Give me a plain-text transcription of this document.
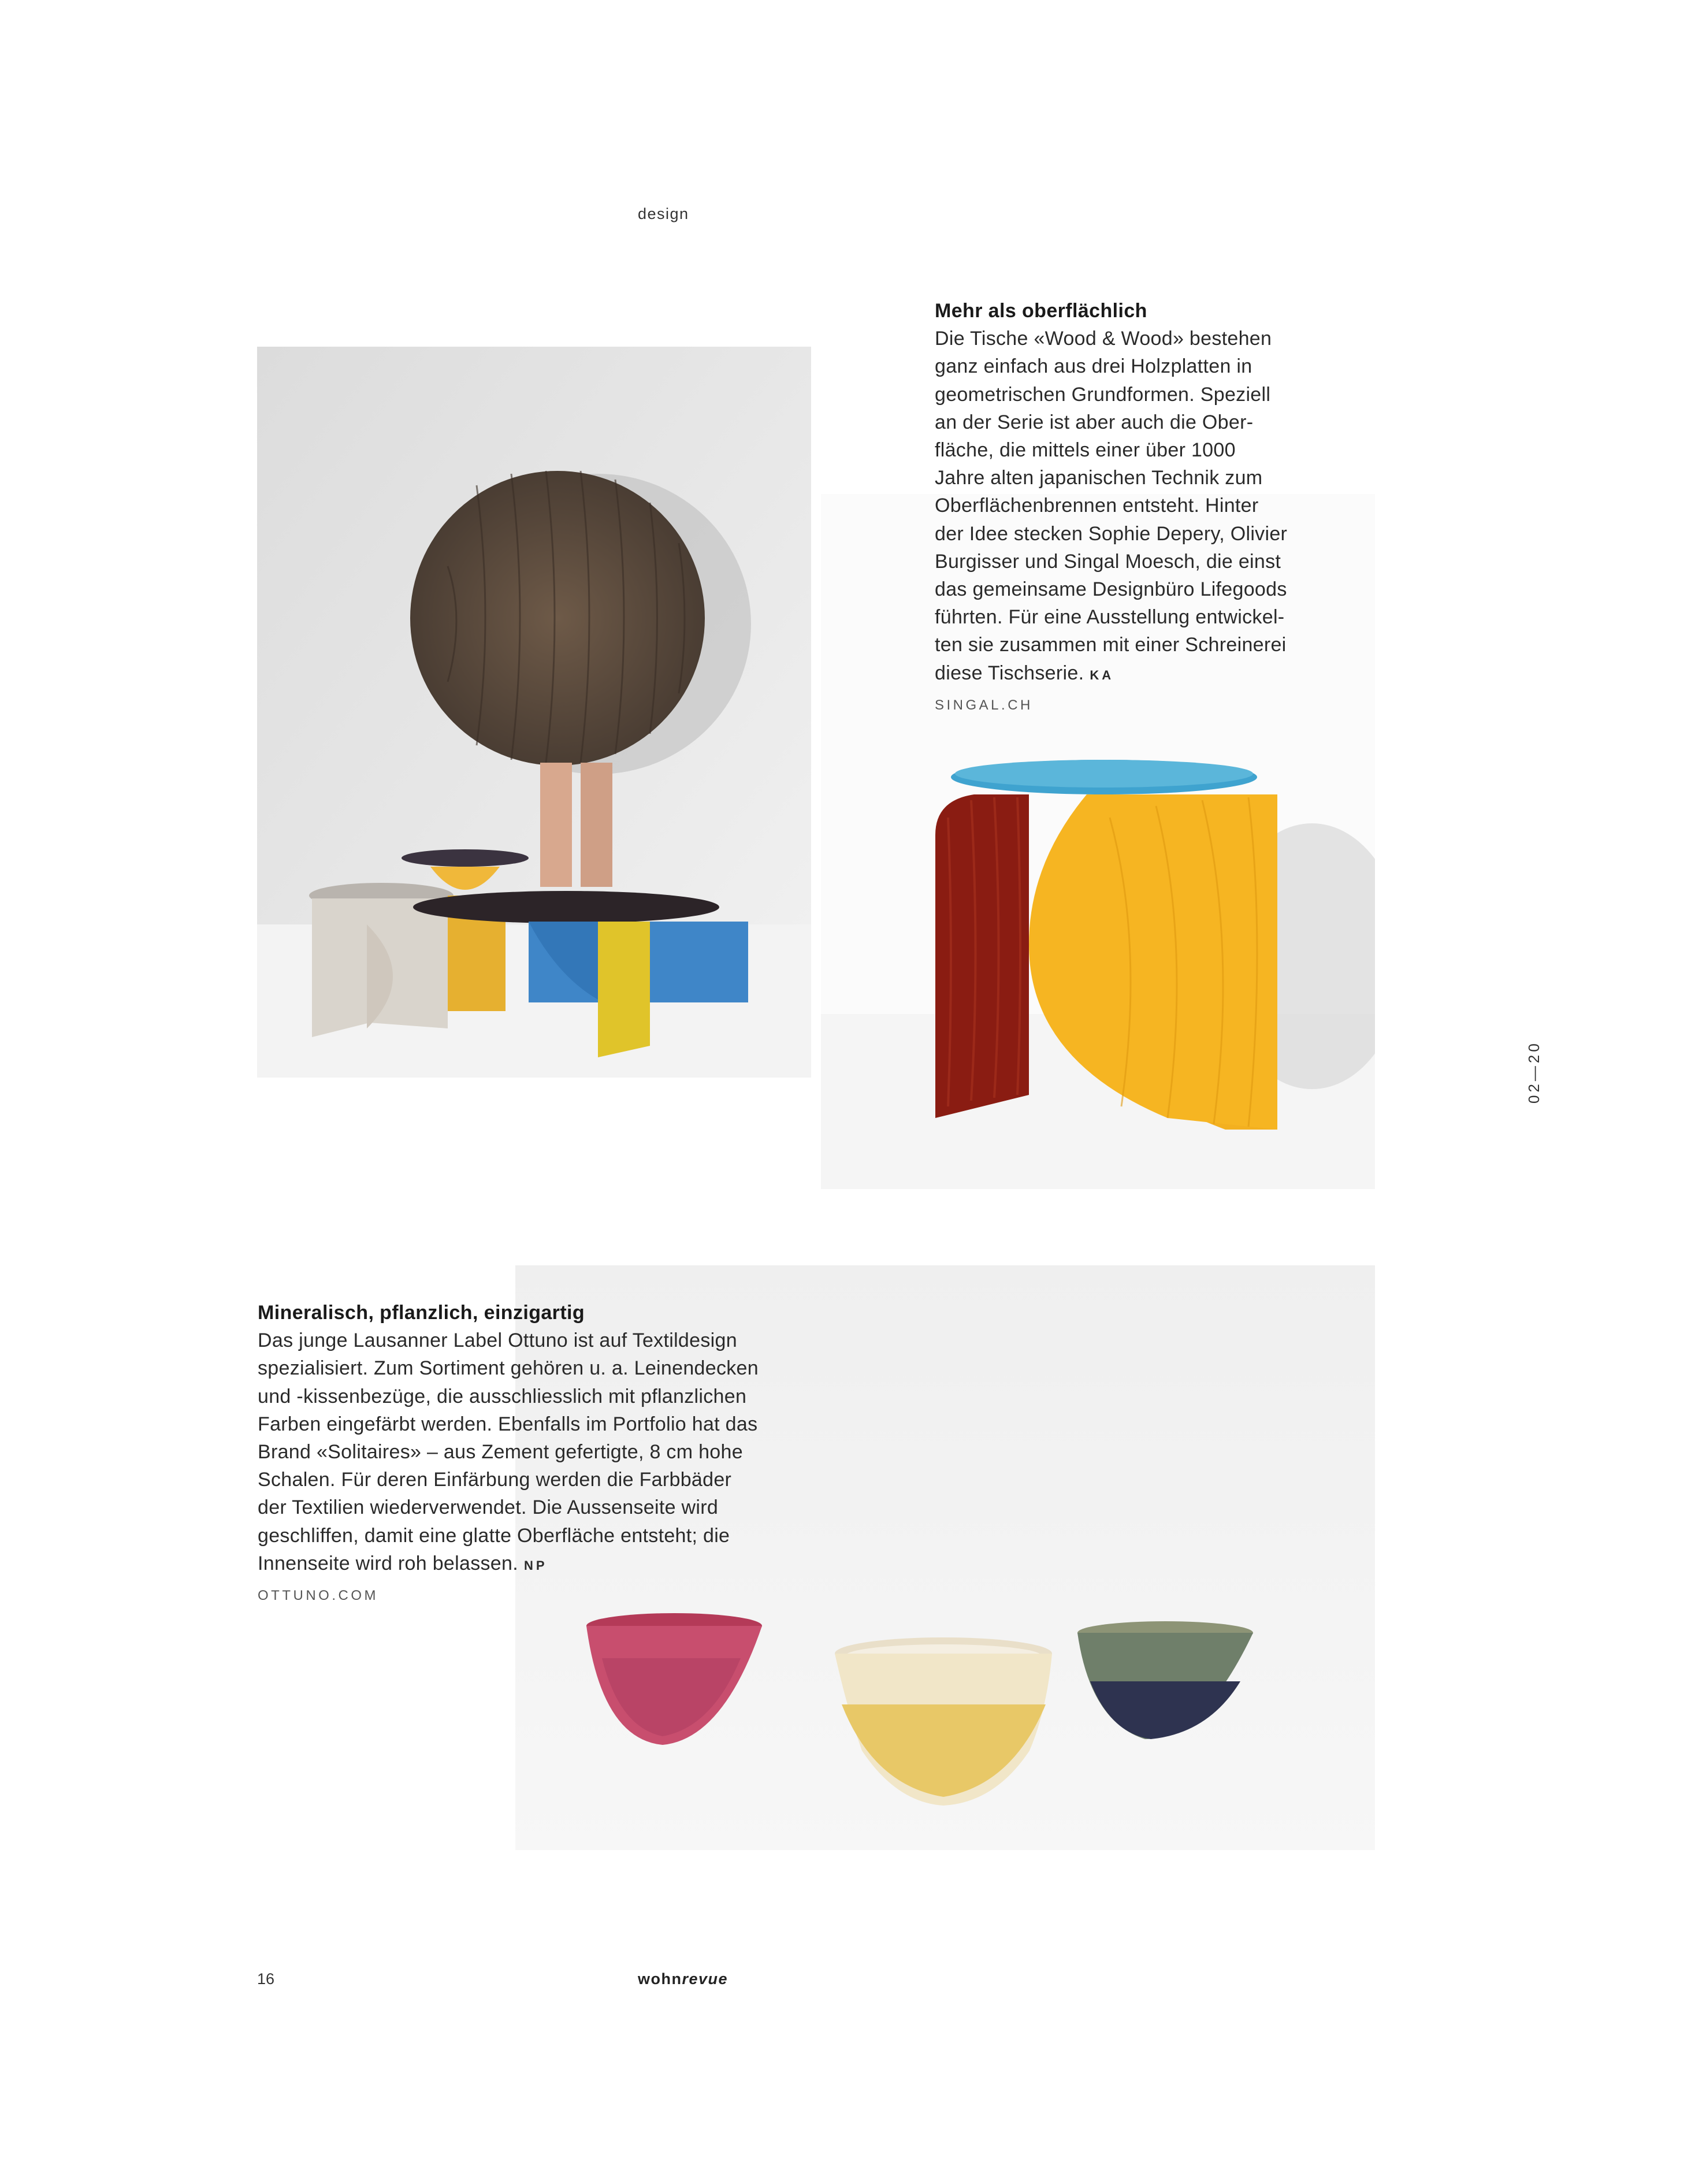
design
Mehr als oberflächlich
Die Tische «Wood & Wood» bestehen
ganz einfach aus drei Holzplatten in
geometrischen Grundformen. Speziell
an der Serie ist aber auch die Ober-
fläche, die mittels einer über 1000
Jahre alten japanischen Technik zum
Oberflächenbrennen entsteht. Hinter
der Idee stecken Sophie Depery, Olivier
Burgisser und Singal Moesch, die einst
das gemeinsame Designbüro Lifegoods
führten. Für eine Ausstellung entwickel-
ten sie zusammen mit einer Schreinerei
diese Tischserie. KA
SINGAL.CH
Mineralisch, pflanzlich, einzigartig
Das junge Lausanner Label Ottuno ist auf Textildesign
spezialisiert. Zum Sortiment gehören u. a. Leinendecken
und -kissenbezüge, die ausschliesslich mit pflanzlichen
Farben eingefärbt werden. Ebenfalls im Portfolio hat das
Brand «Solitaires» – aus Zement gefertigte, 8 cm hohe
Schalen. Für deren Einfärbung werden die Farbbäder
der Textilien wiederverwendet. Die Aussenseite wird
geschliffen, damit eine glatte Oberfläche entsteht; die
Innenseite wird roh belassen. NP
OTTUNO.COM
02—20
16	wohnrevue
